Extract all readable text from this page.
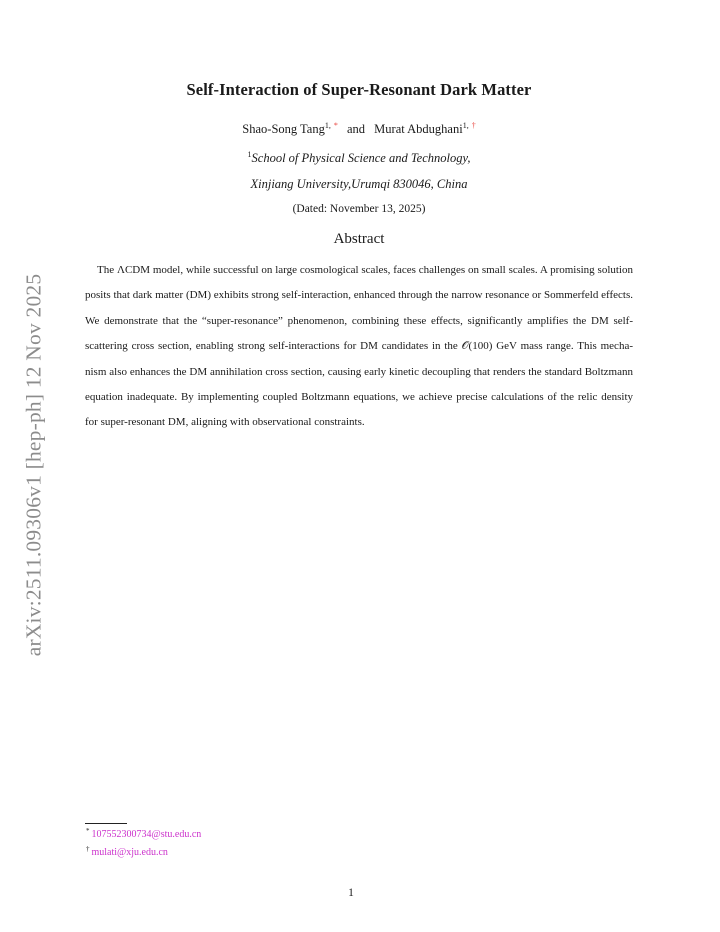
arXiv:2511.09306v1 [hep-ph] 12 Nov 2025
Self-Interaction of Super-Resonant Dark Matter
Shao-Song Tang$^{1, *}$ and Murat Abdughani$^{1, \dagger}$
$^1$School of Physical Science and Technology,
Xinjiang University,Urumqi 830046, China
(Dated: November 13, 2025)
Abstract

The ΛCDM model, while successful on large cosmological scales, faces challenges on small scales. A promising solution posits that dark matter (DM) exhibits strong self-interaction, enhanced through the narrow resonance or Sommerfeld effects. We demonstrate that the “super-resonance” phenomenon, combining these effects, significantly amplifies the DM self-scattering cross section, enabling strong self-interactions for DM candidates in the 𝒪(100) GeV mass range. This mechanism also enhances the DM annihilation cross section, causing early kinetic decoupling that renders the standard Boltzmann equation inadequate. By implementing coupled Boltzmann equations, we achieve precise calculations of the relic density for super-resonant DM, aligning with observational constraints.

* 107552300734@stu.edu.cn
† mulati@xju.edu.cn
1
